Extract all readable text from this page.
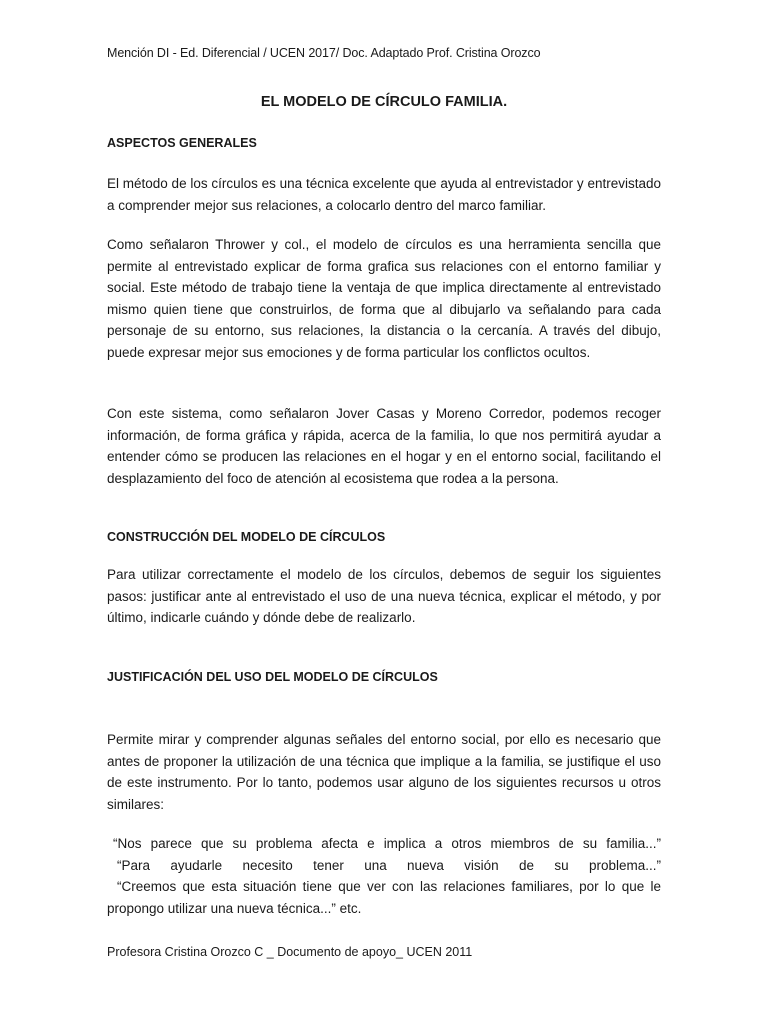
Mención DI - Ed. Diferencial / UCEN 2017/ Doc. Adaptado Prof. Cristina Orozco
EL MODELO DE CÍRCULO FAMILIA.
ASPECTOS GENERALES
El método de los círculos es una técnica excelente que ayuda al entrevistador y entrevistado a comprender mejor sus relaciones, a colocarlo dentro del marco familiar.
Como señalaron Thrower y col., el modelo de círculos es una herramienta sencilla que permite al entrevistado explicar de forma grafica sus relaciones con el entorno familiar y social. Este método de trabajo tiene la ventaja de que implica directamente al entrevistado mismo quien tiene que construirlos, de forma que al dibujarlo va señalando para cada personaje de su entorno, sus relaciones, la distancia o la cercanía. A través del dibujo, puede expresar mejor sus emociones y de forma particular los conflictos ocultos.
Con este sistema, como señalaron Jover Casas y Moreno Corredor, podemos recoger información, de forma gráfica y rápida, acerca de la familia, lo que nos permitirá ayudar a entender cómo se producen las relaciones en el hogar y en el entorno social, facilitando el desplazamiento del foco de atención al ecosistema que rodea a la persona.
CONSTRUCCIÓN DEL MODELO DE CÍRCULOS
Para utilizar correctamente el modelo de los círculos, debemos de seguir los siguientes pasos: justificar ante al entrevistado el uso de una nueva técnica, explicar el método, y por último, indicarle cuándo y dónde debe de realizarlo.
JUSTIFICACIÓN DEL USO DEL MODELO DE CÍRCULOS
Permite mirar y comprender algunas señales del entorno social, por ello es necesario que antes de proponer la utilización de una técnica que implique a la familia, se justifique el uso de este instrumento. Por lo tanto, podemos usar alguno de los siguientes recursos u otros similares:
“Nos parece que su problema afecta e implica a otros miembros de su familia...”
“Para ayudarle necesito tener una nueva visión de su problema...”
“Creemos que esta situación tiene que ver con las relaciones familiares, por lo que le
propongo utilizar una nueva técnica...” etc.
Profesora Cristina Orozco C _ Documento de apoyo_ UCEN 2011
